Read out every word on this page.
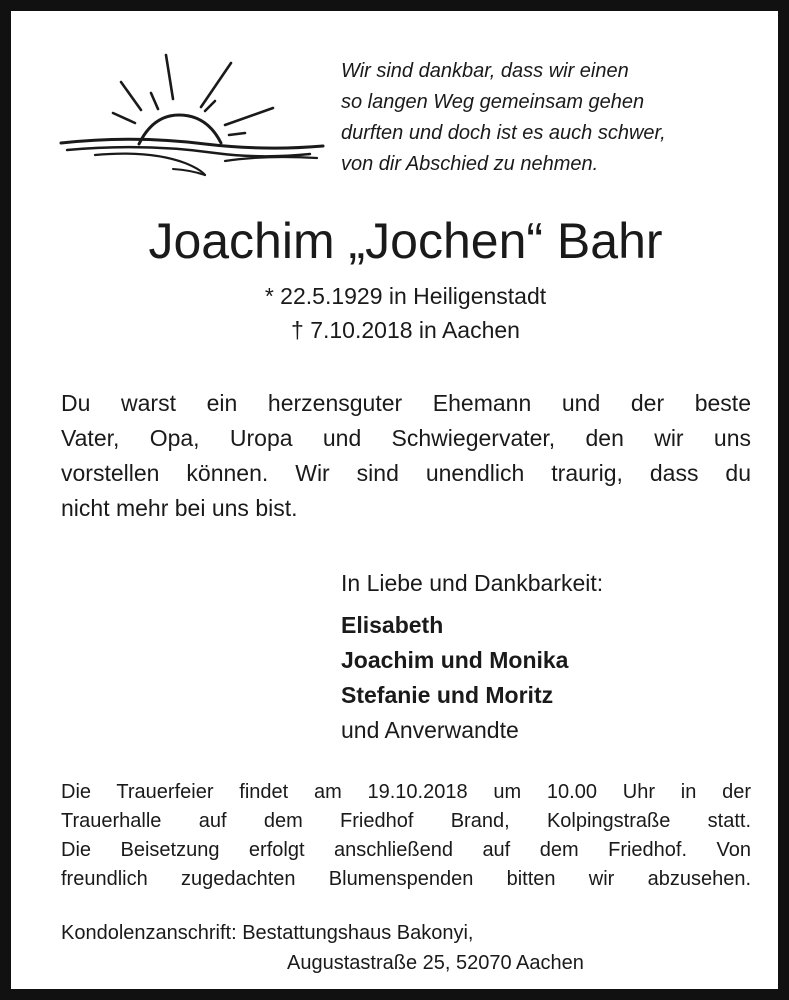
Wir sind dankbar, dass wir einen
so langen Weg gemeinsam gehen
durften und doch ist es auch schwer,
von dir Abschied zu nehmen.
Joachim „Jochen“ Bahr
* 22.5.1929 in Heiligenstadt
† 7.10.2018 in Aachen
Du warst ein herzensguter Ehemann und der beste
Vater, Opa, Uropa und Schwiegervater, den wir uns
vorstellen können. Wir sind unendlich traurig, dass du
nicht mehr bei uns bist.
In Liebe und Dankbarkeit:
Elisabeth
Joachim und Monika
Stefanie und Moritz
und Anverwandte
Die Trauerfeier findet am 19.10.2018 um 10.00 Uhr in der
Trauerhalle auf dem Friedhof Brand, Kolpingstraße statt.
Die Beisetzung erfolgt anschließend auf dem Friedhof. Von
freundlich zugedachten Blumenspenden bitten wir abzusehen.
Kondolenzanschrift: Bestattungshaus Bakonyi,
Augustastraße 25, 52070 Aachen
